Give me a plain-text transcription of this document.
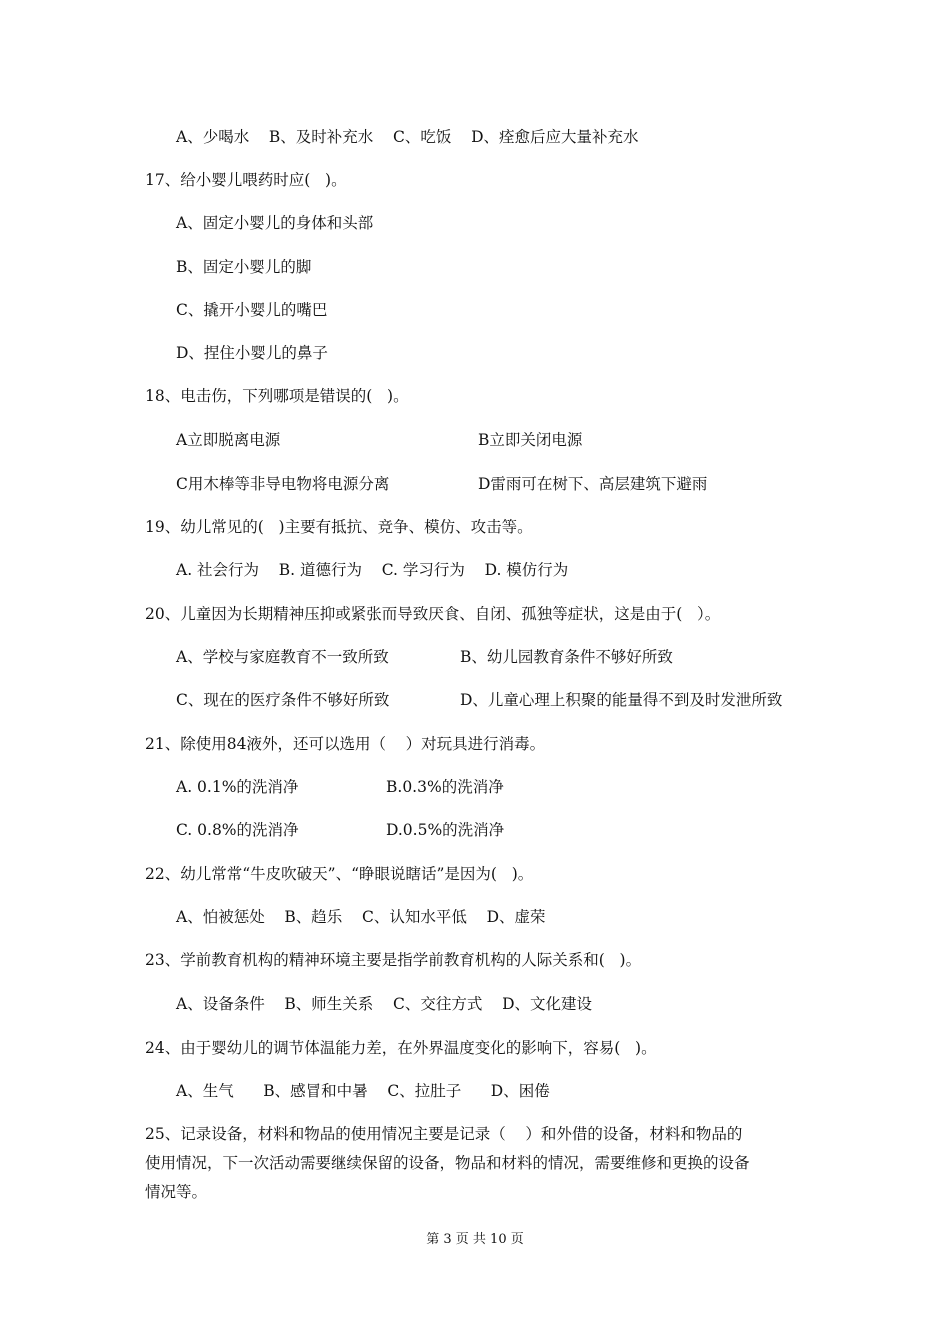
A、少喝水    B、及时补充水    C、吃饭    D、痊愈后应大量补充水
17、给小婴儿喂药时应(   )。
A、固定小婴儿的身体和头部
B、固定小婴儿的脚
C、撬开小婴儿的嘴巴
D、捏住小婴儿的鼻子
18、电击伤，下列哪项是错误的(   )。
A立即脱离电源	B立即关闭电源
C用木棒等非导电物将电源分离	D雷雨可在树下、高层建筑下避雨
19、幼儿常见的(   )主要有抵抗、竞争、模仿、攻击等。
A. 社会行为    B. 道德行为    C. 学习行为    D. 模仿行为
20、儿童因为长期精神压抑或紧张而导致厌食、自闭、孤独等症状，这是由于(   ）。
A、学校与家庭教育不一致所致	B、幼儿园教育条件不够好所致
C、现在的医疗条件不够好所致	D、儿童心理上积聚的能量得不到及时发泄所致
21、除使用84液外，还可以选用（    ）对玩具进行消毒。
A. 0.1%的洗消净	B.0.3%的洗消净
C. 0.8%的洗消净	D.0.5%的洗消净
22、幼儿常常“牛皮吹破天”、“睁眼说瞎话”是因为(   )。
A、怕被惩处    B、趋乐    C、认知水平低    D、虚荣
23、学前教育机构的精神环境主要是指学前教育机构的人际关系和(   )。
A、设备条件    B、师生关系    C、交往方式    D、文化建设
24、由于婴幼儿的调节体温能力差，在外界温度变化的影响下，容易(   )。
A、生气      B、感冒和中暑    C、拉肚子      D、困倦
25、记录设备，材料和物品的使用情况主要是记录（    ）和外借的设备，材料和物品的
使用情况，下一次活动需要继续保留的设备，物品和材料的情况，需要维修和更换的设备
情况等。
第 3 页 共 10 页
